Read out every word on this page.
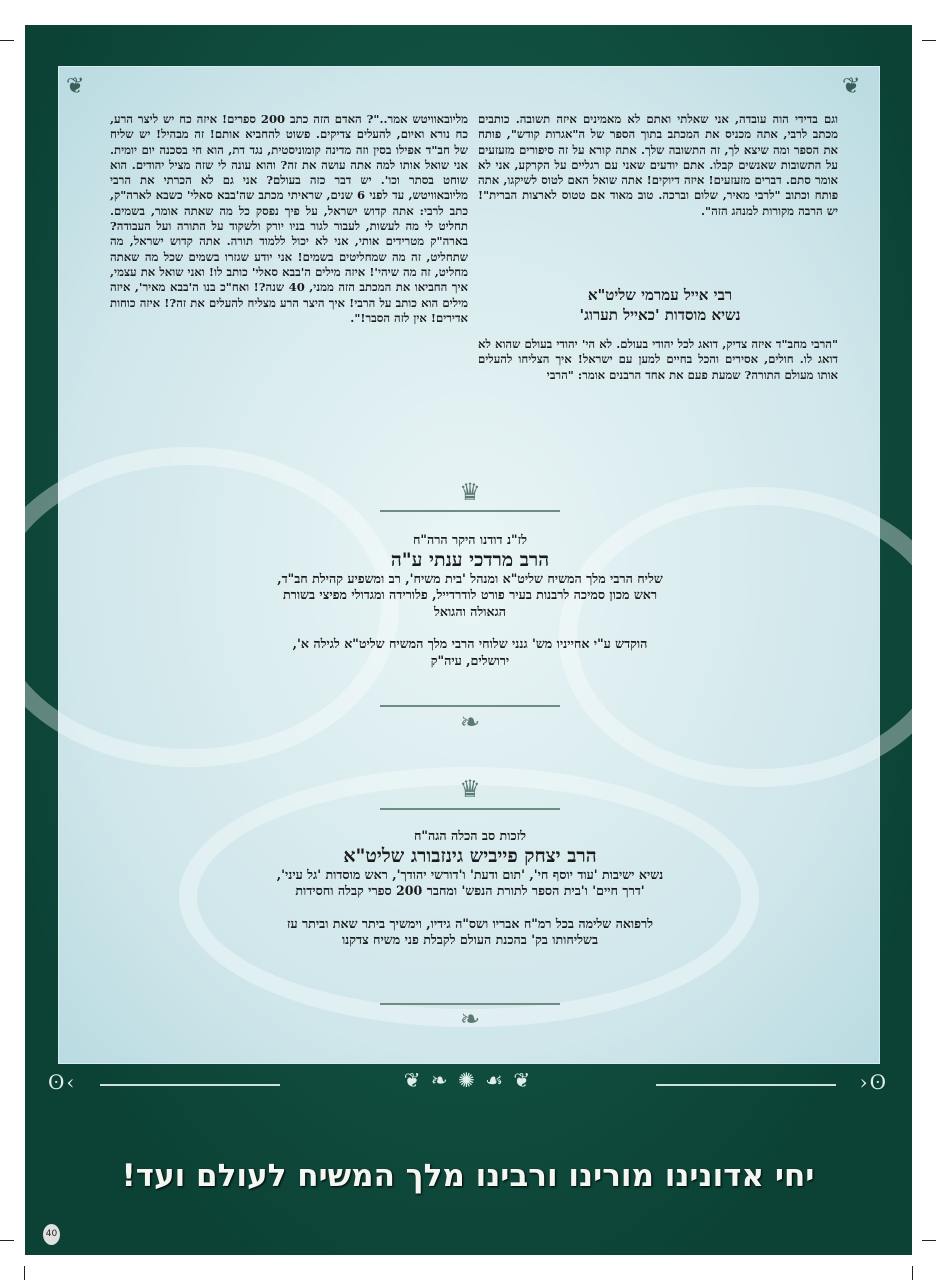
❦	❦
וגם בדידי הוה עובדה, אני שאלתי ואתם לא מאמינים איזה תשובה. כותבים מכתב לרבי, אתה מכניס את המכתב בתוך הספר של ה"אגרות קודש", פותח את הספר ומה שיצא לך, זה התשובה שלך. אתה קורא על זה סיפורים מזעזעים על התשובות שאנשים קבלו. אתם יודעים שאני עם רגליים על הקרקע, אני לא אומר סתם. דברים מזעזעים! איזה דיוקים! אתה שואל האם לטוס לשיקגו, אתה פותח וכתוב "לרבי מאיר, שלום וברכה. טוב מאוד אם טטוס לארצות הברית"! יש הרבה מקורות למנהג הזה".
רבי אייל עמרמי שליט"א
נשיא מוסדות 'כאייל תערוג'
"הרבי מחב"ד איזה צדיק, דואג לכל יהודי בעולם. לא הי' יהודי בעולם שהוא לא דואג לו. חולים, אסירים והכל בחיים למען עם ישראל! איך הצליחו להעלים אותו מעולם התורה? שמעת פעם את אחד הרבנים אומר: "הרבי
מליובאוויטש אמר.."? האדם הזה כתב 200 ספרים! איזה כח יש ליצר הרע, כח נורא ואיום, להעלים צדיקים. פשוט להחביא אותם! זה מבהיל! יש שליח של חב"ד אפילו בסין וזה מדינה קומוניסטית, נגד דת, הוא חי בסכנה יום יומית. אני שואל אותו למה אתה עושה את זה? והוא עונה לי שזה מציל יהודים. הוא שוחט בסתר וכו'. יש דבר כזה בעולם? אני גם לא הכרתי את הרבי מליובאוויטש, עד לפני 6 שנים, שראיתי מכתב שה'בבא סאלי' כשבא לארה"ק, כתב לרבי: אתה קדוש ישראל, על פיך נפסק כל מה שאתה אומר, בשמים. תחליט לי מה לעשות, לעבור לגור בניו יורק ולשקוד על התורה ועל העבודה? בארה"ק מטרידים אותי, אני לא יכול ללמוד תורה. אתה קדוש ישראל, מה שתחליט, זה מה שמחליטים בשמים! אני יודע שגזרו בשמים שכל מה שאתה מחליט, זה מה שיהי'! איזה מילים ה'בבא סאלי' כותב לו! ואני שואל את עצמי, איך החביאו את המכתב הזה ממני, 40 שנה?! ואח"כ בנו ה'בבא מאיר', איזה מילים הוא כותב על הרבי! איך היצר הרע מצליח להעלים את זה?! איזה כוחות אדירים! אין לזה הסבר!".
♛
לז"נ דודנו היקר הרה"ח
הרב מרדכי ענתי ע"ה
שליח הרבי מלך המשיח שליט"א ומנהל 'בית משיח', רב ומשפיע קהילת חב"ד, ראש מכון סמיכה לרבנות בעיר פורט לודרדייל, פלורידה ומגדולי מפיצי בשורת הגאולה והגואל
הוקדש ע"י אחייניו מש' גנני שלוחי הרבי מלך המשיח שליט"א לגילה א', ירושלים, עיה"ק
❧
♛
לזכות סב הכלה הגה"ח
הרב יצחק פייביש גינזבורג שליט"א
נשיא ישיבות 'עוד יוסף חי', 'תום ודעת' ו'דורשי יהודך', ראש מוסדות 'גל עיני', 'דרך חיים' ו'בית הספר לתורת הנפש' ומחבר 200 ספרי קבלה וחסידות
לרפואה שלימה בכל רמ"ח אבריו ושס"ה גידיו, וימשיך ביתר שאת וביתר עז בשליחותו בק' בהכנת העולם לקבלת פני משיח צדקנו
❧
ʘ‹	❦ ❧ ✺ ☙ ❦	›ʘ
יחי אדונינו מורינו ורבינו מלך המשיח לעולם ועד!
40
